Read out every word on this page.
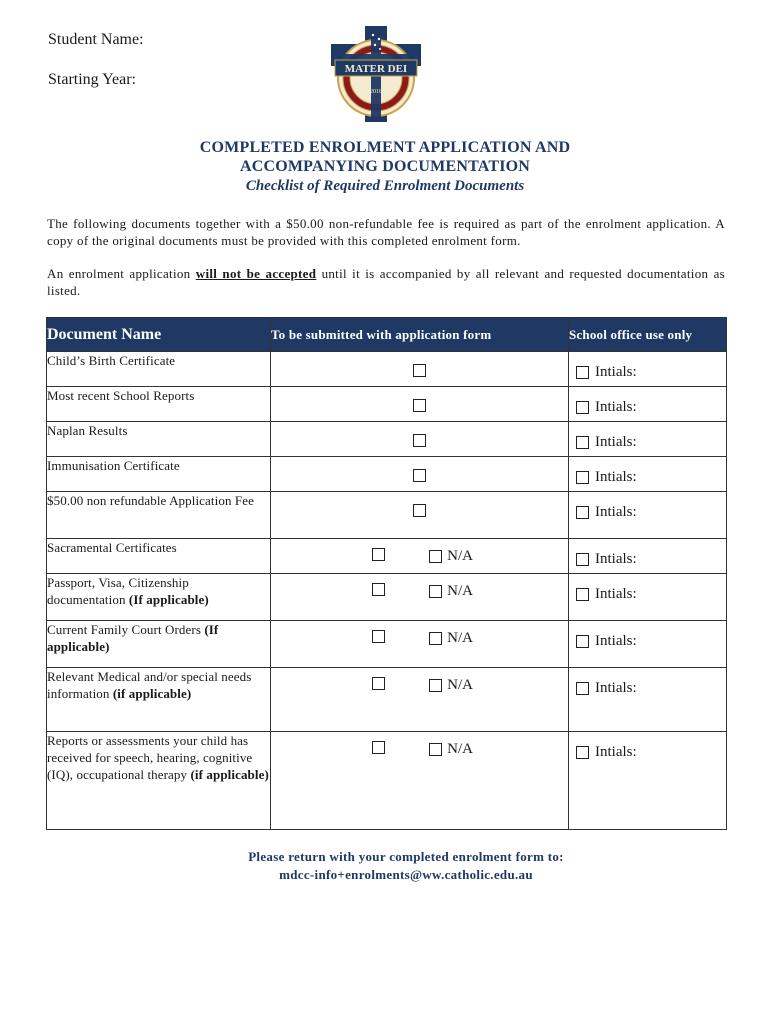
Student Name:
Starting Year:
MATER DEI
2018
COMPLETED ENROLMENT APPLICATION AND
ACCOMPANYING DOCUMENTATION
Checklist of Required Enrolment Documents
The following documents together with a $50.00 non-refundable fee is required as part of the enrolment application. A copy of the original documents must be provided with this completed enrolment form.
An enrolment application will not be accepted until it is accompanied by all relevant and requested documentation as listed.
Document Name	To be submitted with application form	School office use only
Child’s Birth Certificate		Intials:

Most recent School Reports		Intials:

Naplan Results		Intials:

Immunisation Certificate		Intials:

$50.00 non refundable Application Fee		Intials:

Sacramental Certificates	N/A	Intials:

Passport, Visa, Citizenship documentation (If applicable)	N/A	Intials:

Current Family Court Orders (If applicable)	N/A	Intials:

Relevant Medical and/or special needs information (if applicable)	N/A	Intials:

Reports or assessments your child has received for speech, hearing, cognitive (IQ), occupational therapy (if applicable)	N/A	Intials:
Please return with your completed enrolment form to:
mdcc-info+enrolments@ww.catholic.edu.au
